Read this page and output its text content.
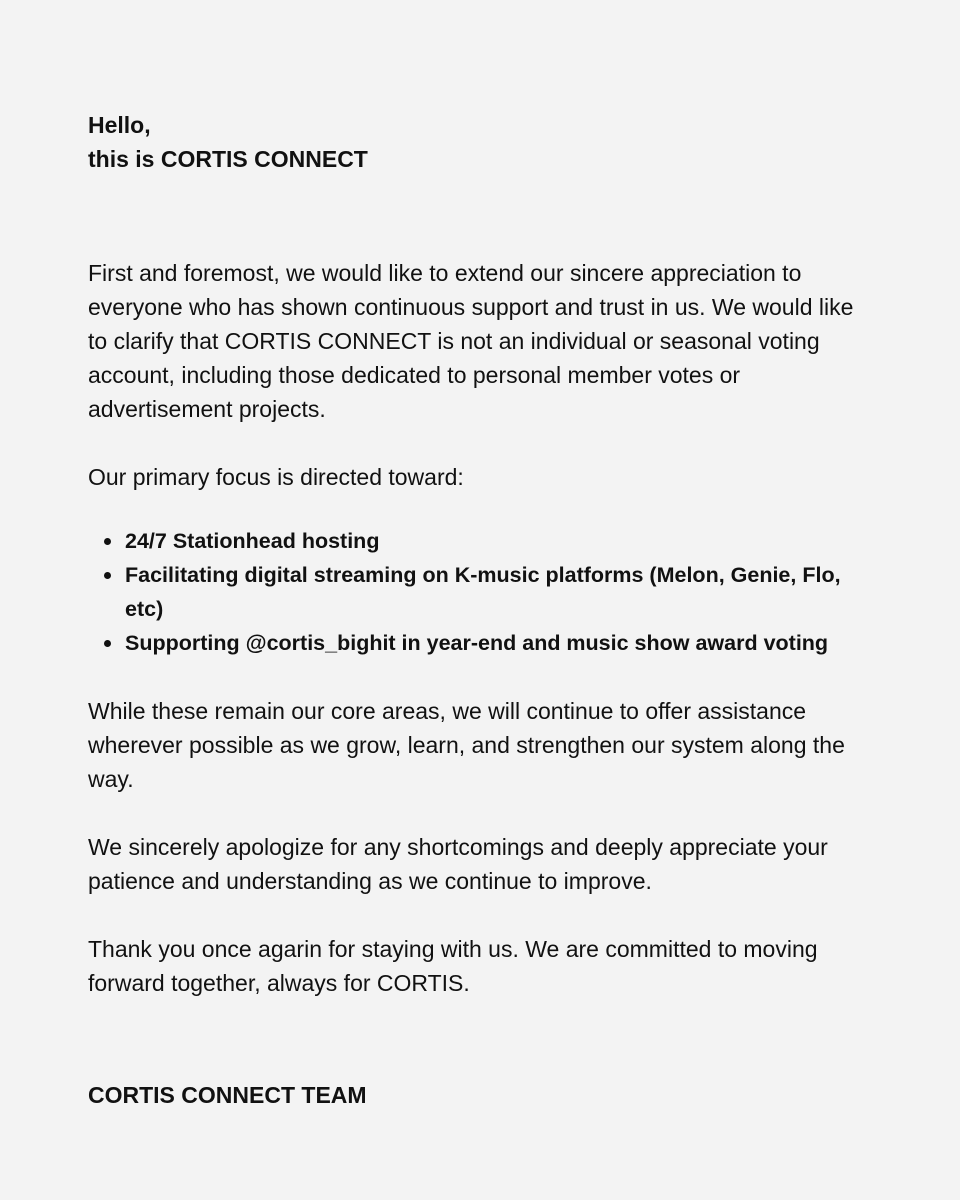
Hello,
this is CORTIS CONNECT

First and foremost, we would like to extend our sincere appreciation to everyone who has shown continuous support and trust in us. We would like to clarify that CORTIS CONNECT is not an individual or seasonal voting account, including those dedicated to personal member votes or advertisement projects.

Our primary focus is directed toward:

24/7 Stationhead hosting
Facilitating digital streaming on K-music platforms (Melon, Genie, Flo, etc)
Supporting @cortis_bighit in year-end and music show award voting

While these remain our core areas, we will continue to offer assistance wherever possible as we grow, learn, and strengthen our system along the way.

We sincerely apologize for any shortcomings and deeply appreciate your patience and understanding as we continue to improve.

Thank you once agarin for staying with us. We are committed to moving forward together, always for CORTIS.

CORTIS CONNECT TEAM
